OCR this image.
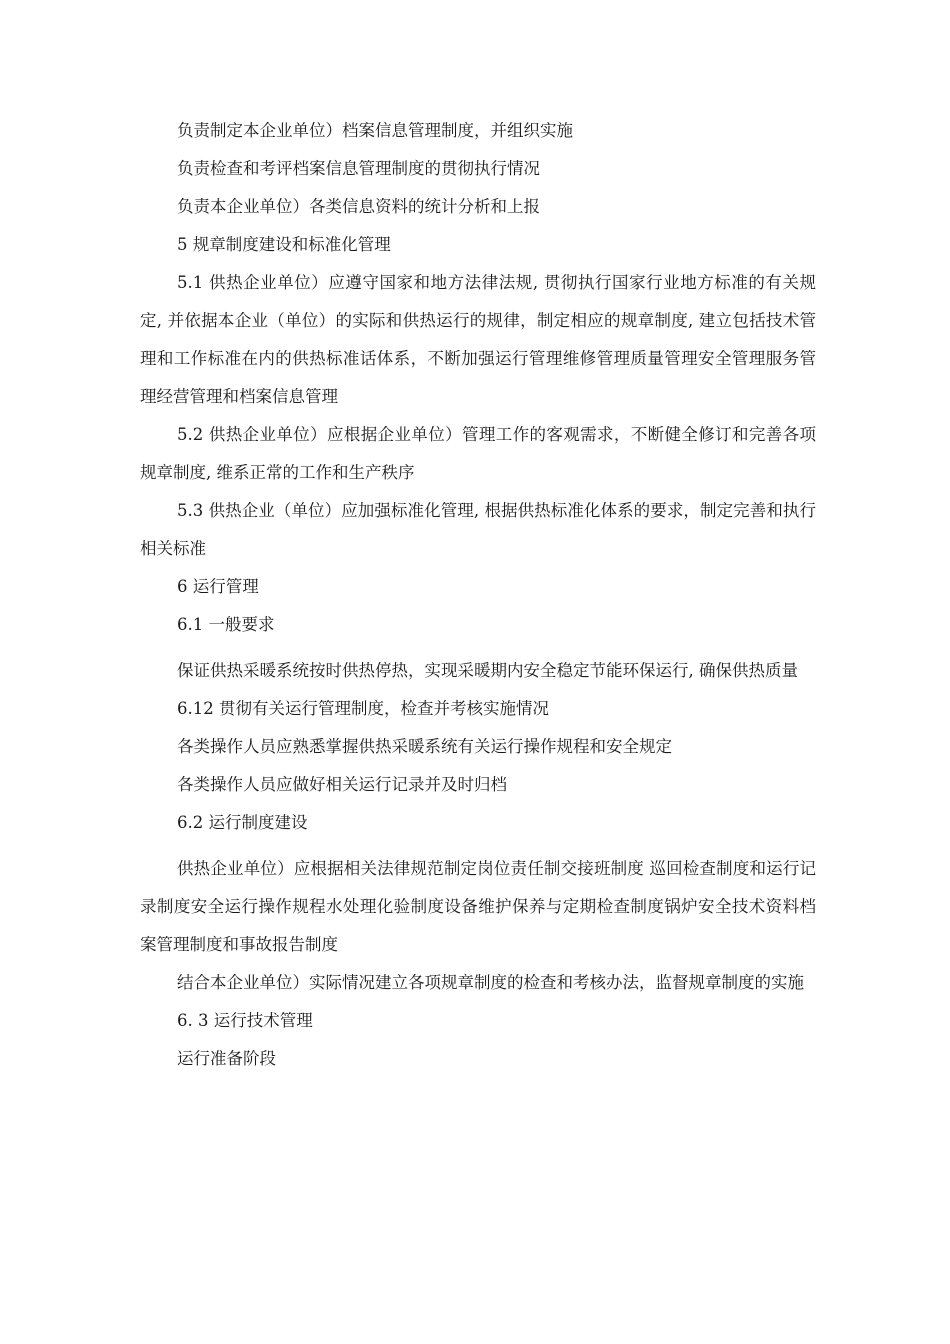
负责制定本企业单位）档案信息管理制度，并组织实施

负责检查和考评档案信息管理制度的贯彻执行情况

负责本企业单位）各类信息资料的统计分析和上报

5 规章制度建设和标准化管理

5.1 供热企业单位）应遵守国家和地方法律法规, 贯彻执行国家行业地方标准的有关规定, 并依据本企业（单位）的实际和供热运行的规律，制定相应的规章制度, 建立包括技术管理和工作标准在内的供热标准话体系，不断加强运行管理维修管理质量管理安全管理服务管理经营管理和档案信息管理

5.2 供热企业单位）应根据企业单位）管理工作的客观需求，不断健全修订和完善各项规章制度, 维系正常的工作和生产秩序

5.3 供热企业（单位）应加强标准化管理, 根据供热标准化体系的要求，制定完善和执行相关标准

6 运行管理

6.1 一般要求

保证供热采暖系统按时供热停热，实现采暖期内安全稳定节能环保运行, 确保供热质量

6.12 贯彻有关运行管理制度，检查并考核实施情况

各类操作人员应熟悉掌握供热采暖系统有关运行操作规程和安全规定

各类操作人员应做好相关运行记录并及时归档

6.2 运行制度建设

供热企业单位）应根据相关法律规范制定岗位责任制交接班制度 巡回检查制度和运行记录制度安全运行操作规程水处理化验制度设备维护保养与定期检查制度锅炉安全技术资料档案管理制度和事故报告制度

结合本企业单位）实际情况建立各项规章制度的检查和考核办法，监督规章制度的实施

6. 3 运行技术管理

运行准备阶段
